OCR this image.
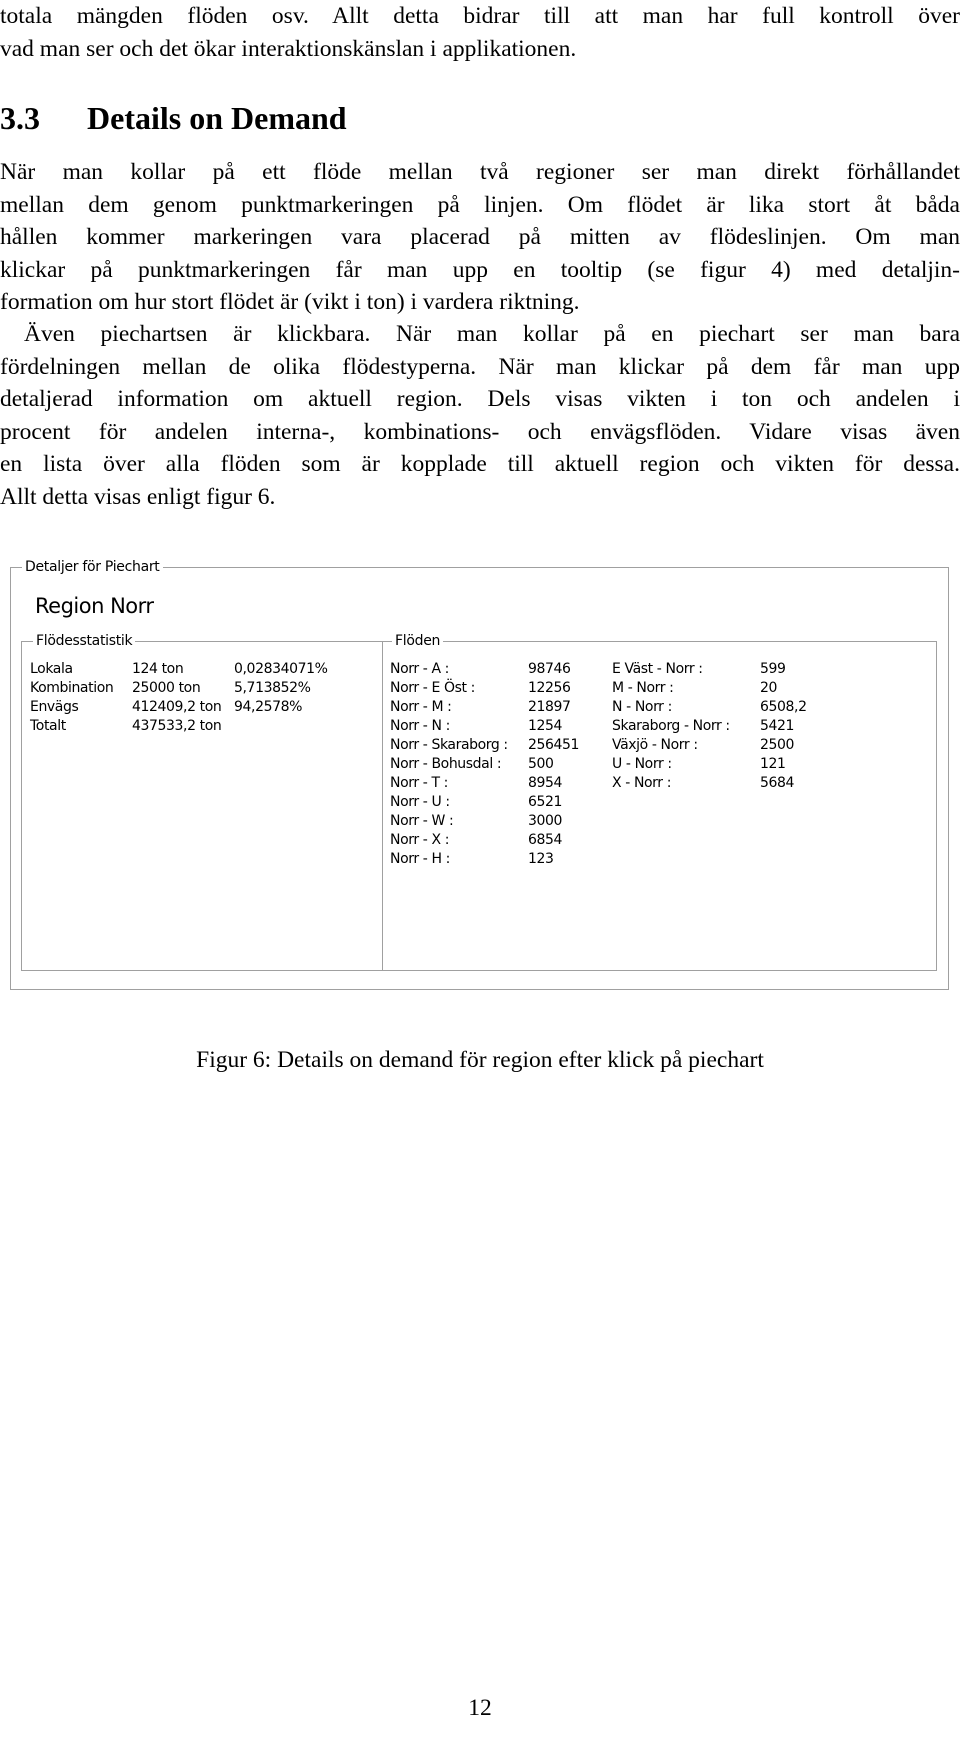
totala mängden flöden osv. Allt detta bidrar till att man har full kontroll över
vad man ser och det ökar interaktionskänslan i applikationen.
3.3 Details on Demand
När man kollar på ett flöde mellan två regioner ser man direkt förhållandet
mellan dem genom punktmarkeringen på linjen. Om flödet är lika stort åt båda
hållen kommer markeringen vara placerad på mitten av flödeslinjen. Om man
klickar på punktmarkeringen får man upp en tooltip (se figur 4) med detaljin-
formation om hur stort flödet är (vikt i ton) i vardera riktning.
Även piechartsen är klickbara. När man kollar på en piechart ser man bara
fördelningen mellan de olika flödestyperna. När man klickar på dem får man upp
detaljerad information om aktuell region. Dels visas vikten i ton och andelen i
procent för andelen interna-, kombinations- och envägsflöden. Vidare visas även
en lista över alla flöden som är kopplade till aktuell region och vikten för dessa.
Allt detta visas enligt figur 6.
Detaljer för Piechart
Region Norr
Flödesstatistik
Lokala	124 ton	0,02834071%
Kombination 25000 ton 5,713852%
Envägs	412409,2 ton 94,2578%
Totalt	437533,2 ton
Flöden
Norr - A :	98746
Norr - E Öst :	12256
Norr - M :	21897
Norr - N :	1254
Norr - Skaraborg : 256451
Norr - Bohusdal : 500
Norr - T :	8954
Norr - U :	6521
Norr - W :	3000
Norr - X :	6854
Norr - H :	123
E Väst - Norr :	599
M - Norr :	20
N - Norr :	6508,2
Skaraborg - Norr : 5421
Växjö - Norr :	2500
U - Norr :	121
X - Norr :	5684

Figur 6: Details on demand för region efter klick på piechart

12
